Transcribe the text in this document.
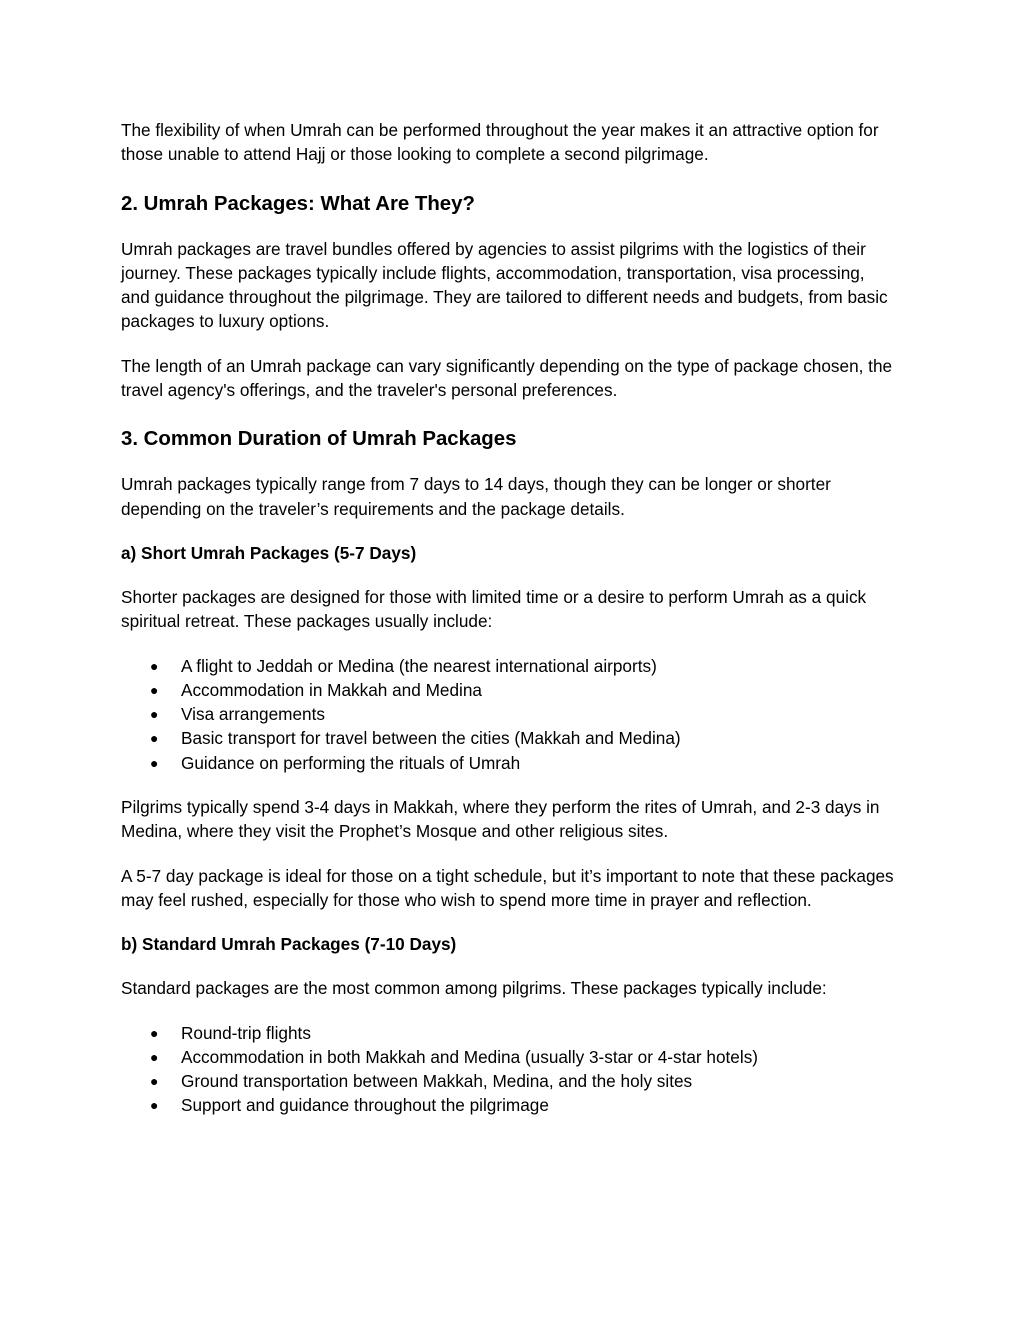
The flexibility of when Umrah can be performed throughout the year makes it an attractive option for those unable to attend Hajj or those looking to complete a second pilgrimage.

2. Umrah Packages: What Are They?

Umrah packages are travel bundles offered by agencies to assist pilgrims with the logistics of their journey. These packages typically include flights, accommodation, transportation, visa processing, and guidance throughout the pilgrimage. They are tailored to different needs and budgets, from basic packages to luxury options.

The length of an Umrah package can vary significantly depending on the type of package chosen, the travel agency's offerings, and the traveler's personal preferences.

3. Common Duration of Umrah Packages

Umrah packages typically range from 7 days to 14 days, though they can be longer or shorter depending on the traveler’s requirements and the package details.

a) Short Umrah Packages (5-7 Days)

Shorter packages are designed for those with limited time or a desire to perform Umrah as a quick spiritual retreat. These packages usually include:

● A flight to Jeddah or Medina (the nearest international airports)
● Accommodation in Makkah and Medina
● Visa arrangements
● Basic transport for travel between the cities (Makkah and Medina)
● Guidance on performing the rituals of Umrah

Pilgrims typically spend 3-4 days in Makkah, where they perform the rites of Umrah, and 2-3 days in Medina, where they visit the Prophet’s Mosque and other religious sites.

A 5-7 day package is ideal for those on a tight schedule, but it’s important to note that these packages may feel rushed, especially for those who wish to spend more time in prayer and reflection.

b) Standard Umrah Packages (7-10 Days)

Standard packages are the most common among pilgrims. These packages typically include:

● Round-trip flights
● Accommodation in both Makkah and Medina (usually 3-star or 4-star hotels)
● Ground transportation between Makkah, Medina, and the holy sites
● Support and guidance throughout the pilgrimage
